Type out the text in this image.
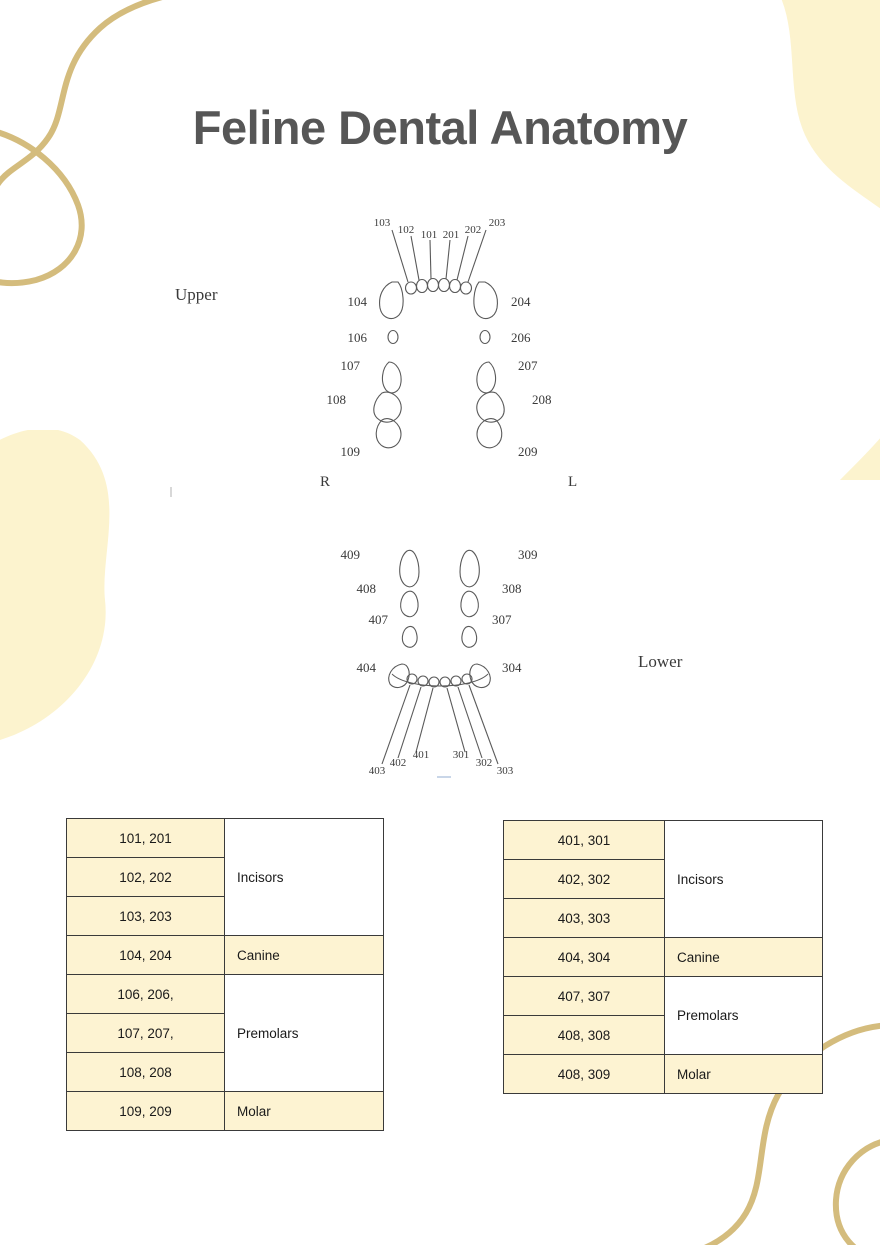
Feline Dental Anatomy
Upper
Lower
R	L
103
102 101 201 202
203
104	204
106	206
107	207
108	208
109	209
409	309
408	308
407	307
404	304
403
402
401 301
302
303
101, 201	Incisors
102, 202	
103, 203	
104, 204	Canine
106, 206,	Premolars
107, 207,	
108, 208	
109, 209	Molar
401, 301	Incisors
402, 302	
403, 303	
404, 304	Canine
407, 307	Premolars
408, 308	
408, 309	Molar
